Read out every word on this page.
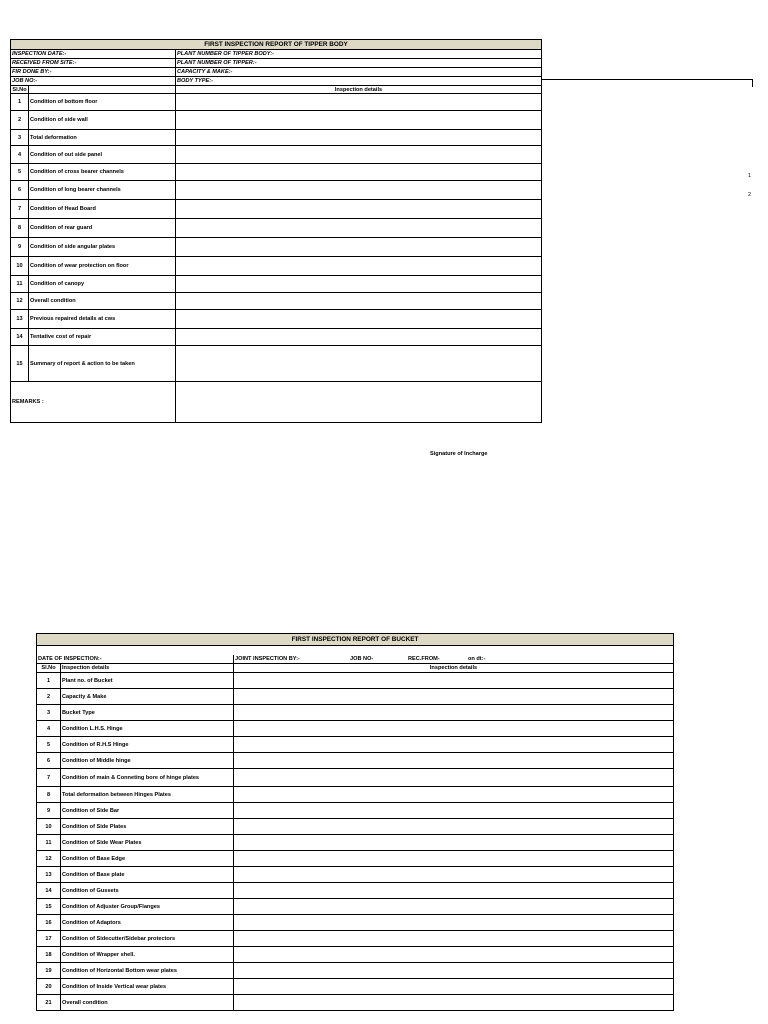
FIRST INSPECTION REPORT OF TIPPER BODY		
INSPECTION DATE:-		PLANT NUMBER OF TIPPER BODY:-
RECEIVED FROM SITE:-		PLANT NUMBER OF TIPPER:-
FIR DONE BY:-		CAPACITY & MAKE:-
JOB NO:-		BODY TYPE:-
Sl.No		Inspection details
1	Condition of bottom floor	
2	Condition of side wall	
3	Total deformation	
4	Condition of out side panel	
5	Condition of cross bearer channels	
6	Condition of long bearer channels	
7	Condition of Head Board	
8	Condition of rear guard	
9	Condition of side angular plates	
10	Condition of wear protection on floor	
11	Condition of canopy	
12	Overall condition	
13	Previous repaired details at cws	
14	Tentative cost of repair	
15	Summary of report & action to be taken	
REMARKS :		
1
2
Signature of Incharge
FIRST INSPECTION REPORT OF BUCKET		

DATE OF INSPECTION:-		JOINT INSPECTION BY:- JOB NO- REC.FROM- on dt:-

Sl.No	Inspection details	Inspection details
1	Plant no. of Bucket	
2	Capacity & Make	
3	Bucket Type	
4	Condition L.H.S. Hinge	
5	Condition of R.H.S Hinge	
6	Condition of Middle hinge	
7	Condition of main & Conneting bore of hinge plates	
8	Total deformation between Hinges Plates	
9	Condition of Side Bar	
10	Condition of Side Plates	
11	Condition of Side Wear Plates	
12	Condition of Base Edge	
13	Condition of Base plate	
14	Condition of Gussets	
15	Condition of Adjuster Group/Flanges	
16	Condition of Adaptors	
17	Condition of Sidecutter/Sidebar protectors	
18	Condition of Wrapper shell.	
19	Condition of Horizontal Bottom wear plates	
20	Condition of Inside Vertical wear plates	
21	Overall condition	
